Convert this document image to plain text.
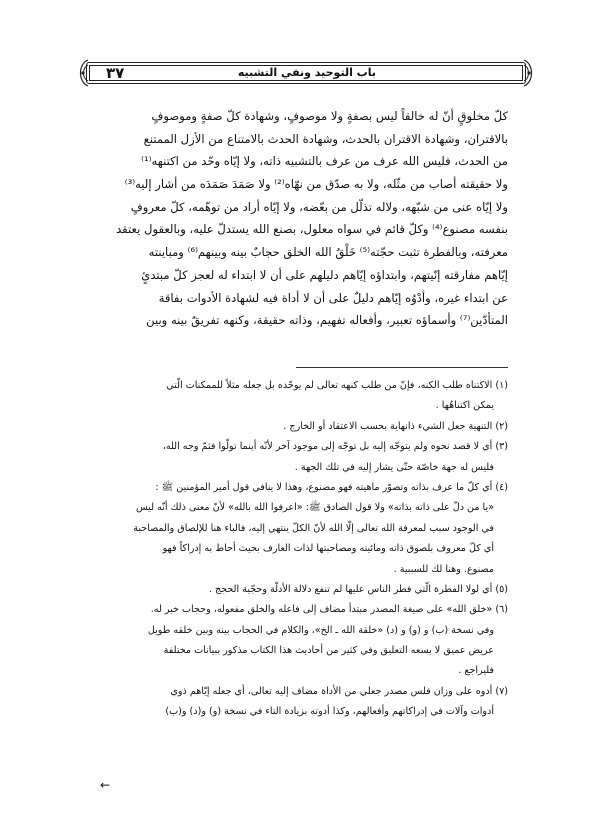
٣٧	باب التوحيد ونفي التشبيه
كلّ مخلوقٍ أنّ له خالقاً ليس بصفةٍ ولا موصوفٍ، وشهادة كلّ صفةٍ وموصوفٍ
بالاقتران، وشهادة الاقتران بالحدث، وشهادة الحدث بالامتناع من الأزل الممتنع
من الحدث، فليس الله عرف من عرف بالتشبيه ذاته، ولا إيّاه وحّد من اكتنهه⁽¹⁾
ولا حقيقته أصاب من مثّله، ولا به صدّق من نهّاه⁽²⁾ ولا صَمَدَ صَمَدَه من أشار إليه⁽³⁾
ولا إيّاه عنى من شبّهه، ولاله تذلّل من بعّضه، ولا إيّاه أراد من توهّمه، كلّ معروفٍ
بنفسه مصنوع⁽⁴⁾ وكلّ قائم في سواه معلول، بصنع الله يستدلّ عليه، وبالعقول يعتقد
معرفته، وبالفطرة تثبت حجّته⁽⁵⁾ خَلْقُ الله الخلق حجابٌ بينه وبينهم⁽⁶⁾ ومباينته
إيّاهم مفارقته إنّيتهم، وابتداؤه إيّاهم دليلهم على أن لا ابتداء له لعجز كلّ مبتدئٍ
عن ابتداء غيره، وأدْوُه إيّاهم دليلٌ على أن لا أداة فيه لشهادة الأدوات بفاقة
المتأدّين⁽⁷⁾ وأسماؤه تعبير، وأفعاله تفهيم، وذاته حقيقة، وكنهه تفريقٌ بينه وبين
(١) الاكتناه طلب الكنه، فإنّ من طلب كنهه تعالى لم يوحّده بل جعله مثلاً للممكنات الّتي
يمكن اكتناهُها .
(٢) التنهية جعل الشيء ذانهاية بحسب الاعتقاد أو الخارج .
(٣) أي لا قصد نحوه ولم يتوجّه إليه بل توجّه إلى موجود آخر لأنّه أينما تولّوا فثمّ وجه الله،
فليس له جهة خاصّة حتّى يشار إليه في تلك الجهة .
(٤) أي كلّ ما عرف بذاته وتصوّر ماهيته فهو مصنوع، وهذا لا ينافي قول أمير المؤمنين ﷺ :
«يا من دلّ على ذاته بذاته» ولا قول الصادق ﷺ: «اعرفوا الله بالله» لأنّ معنى ذلك أنّه ليس
في الوجود سبب لمعرفة الله تعالى إلّا الله لأنّ الكلّ ينتهي إليه، فالباء هنا للإلصاق والمصاحبة
أي كلّ معروف بلصوق ذاته ومائيته ومصاحبتها لذات العارف بحيث أحاط به إدراكاً فهو
مصنوع. وهنا لك للسببية .
(٥) أي لولا الفطرة الّتي فطر الناس عليها لم تنفع دلالة الأدلّة وحجّية الحجج .
(٦) «خلق الله» على صيغة المصدر مبتدأ مضاف إلى فاعله والخلق مفعوله، وحجاب خبر له.
وفي نسخة (ب) و (و) و (د) «خلقة الله ـ الخ»، والكلام في الحجاب بينه وبين خلقه طويل
عريض عميق لا يسعه التعليق وفي كثير من أحاديث هذا الكتاب مذكور ببيانات مختلفة
فليراجع .
(٧) أدوه على وزان فلس مصدر جعلي من الأداة مضاف إليه تعالى، أي جعله إيّاهم ذوي
أدوات وآلات في إدراكاتهم وأفعالهم، وكذا أدوته بزيادة التاء في نسخة (و) و(د) و(ب)
←
